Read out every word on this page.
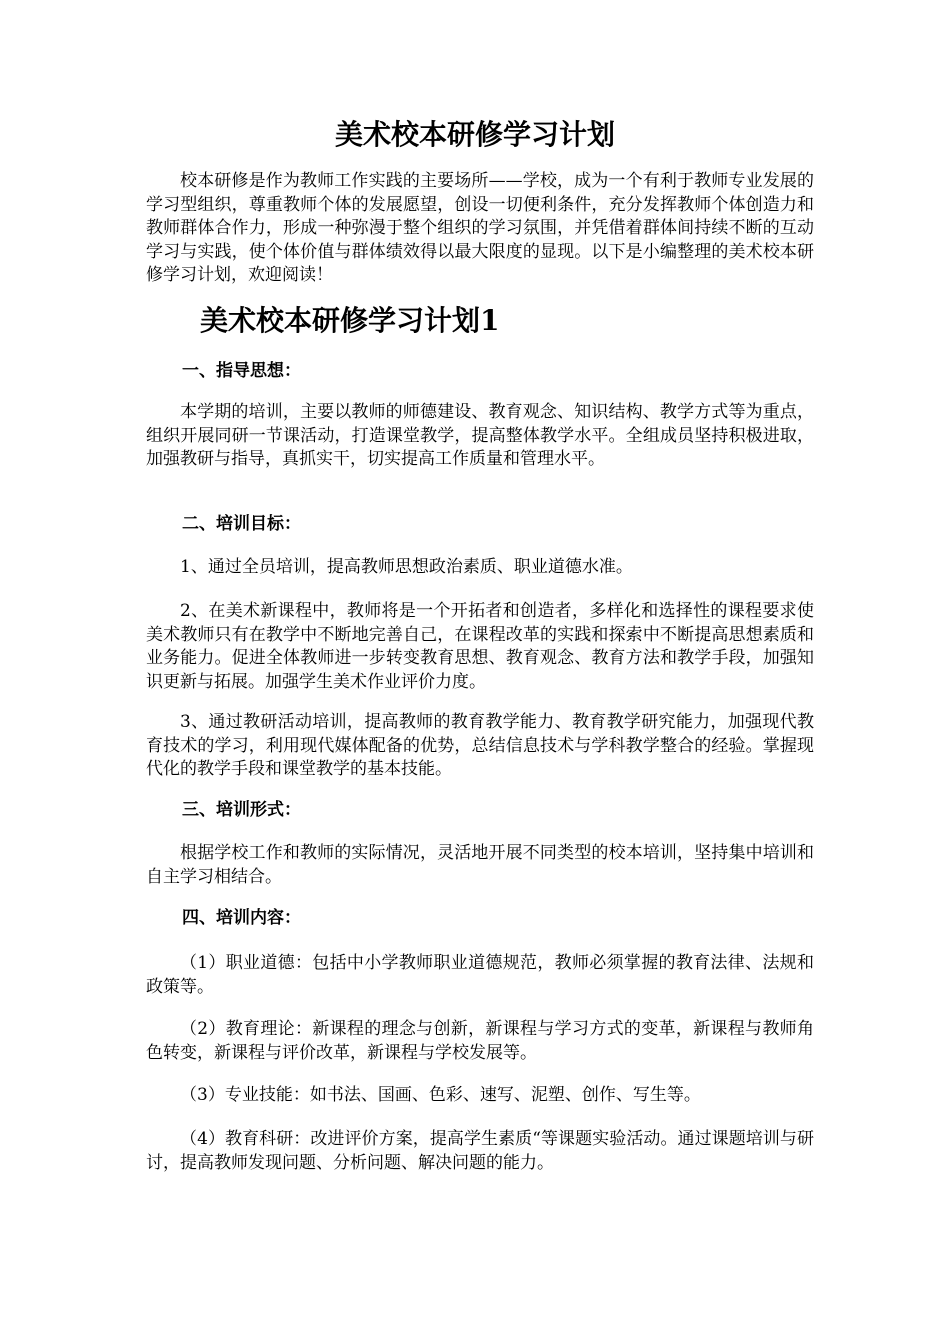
美术校本研修学习计划

校本研修是作为教师工作实践的主要场所——学校，成为一个有利于教师专业发展的学习型组织，尊重教师个体的发展愿望，创设一切便利条件，充分发挥教师个体创造力和教师群体合作力，形成一种弥漫于整个组织的学习氛围，并凭借着群体间持续不断的互动学习与实践，使个体价值与群体绩效得以最大限度的显现。以下是小编整理的美术校本研修学习计划，欢迎阅读！

美术校本研修学习计划1
一、指导思想：

本学期的培训，主要以教师的师德建设、教育观念、知识结构、教学方式等为重点，组织开展同研一节课活动，打造课堂教学，提高整体教学水平。全组成员坚持积极进取，加强教研与指导，真抓实干，切实提高工作质量和管理水平。

二、培训目标：

1、通过全员培训，提高教师思想政治素质、职业道德水准。

2、在美术新课程中，教师将是一个开拓者和创造者，多样化和选择性的课程要求使美术教师只有在教学中不断地完善自己，在课程改革的实践和探索中不断提高思想素质和业务能力。促进全体教师进一步转变教育思想、教育观念、教育方法和教学手段，加强知识更新与拓展。加强学生美术作业评价力度。

3、通过教研活动培训，提高教师的教育教学能力、教育教学研究能力，加强现代教育技术的学习，利用现代媒体配备的优势，总结信息技术与学科教学整合的经验。掌握现代化的教学手段和课堂教学的基本技能。

三、培训形式：

根据学校工作和教师的实际情况，灵活地开展不同类型的校本培训，坚持集中培训和自主学习相结合。

四、培训内容：

（1）职业道德：包括中小学教师职业道德规范，教师必须掌握的教育法律、法规和政策等。

（2）教育理论：新课程的理念与创新，新课程与学习方式的变革，新课程与教师角色转变，新课程与评价改革，新课程与学校发展等。

（3）专业技能：如书法、国画、色彩、速写、泥塑、创作、写生等。

（4）教育科研：改进评价方案，提高学生素质“等课题实验活动。通过课题培训与研讨，提高教师发现问题、分析问题、解决问题的能力。
